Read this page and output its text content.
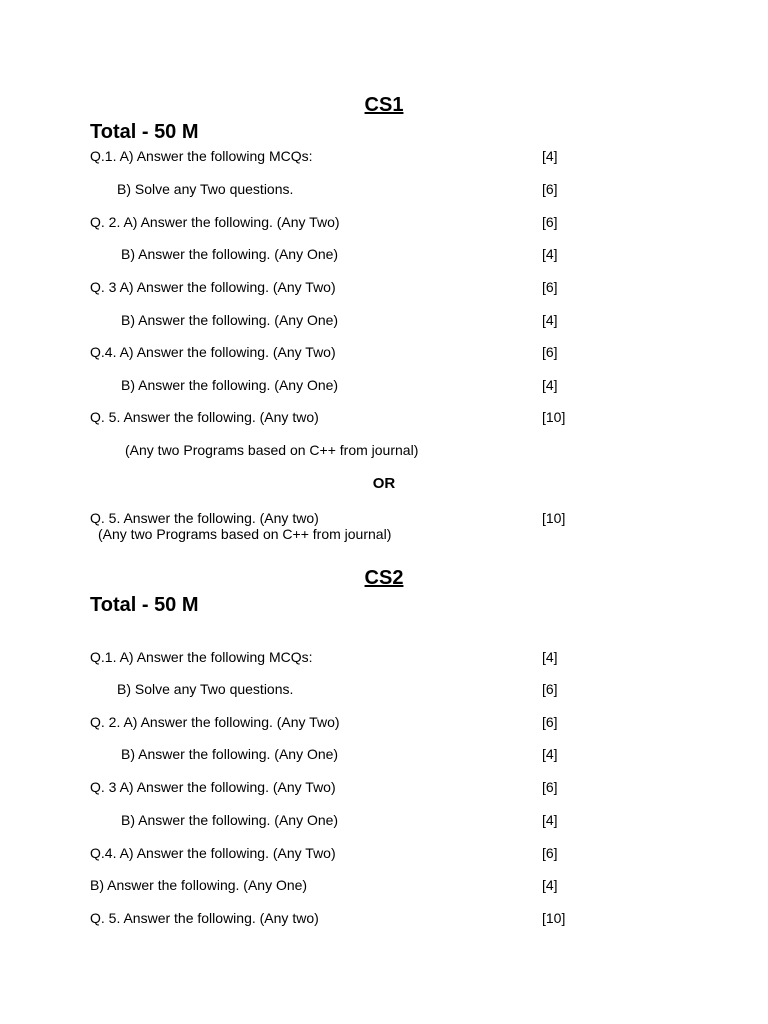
CS1
Total - 50 M
Q.1. A) Answer the following MCQs:	[4]
B) Solve any Two questions.	[6]
Q. 2. A) Answer the following. (Any Two)	[6]
B) Answer the following. (Any One)	[4]
Q. 3 A) Answer the following. (Any Two)	[6]
B) Answer the following. (Any One)	[4]
Q.4. A) Answer the following. (Any Two)	[6]
B) Answer the following. (Any One)	[4]
Q. 5. Answer the following. (Any two)	[10]
(Any two Programs based on C++ from journal)
OR
Q. 5. Answer the following. (Any two)	[10]
(Any two Programs based on C++ from journal)
CS2
Total - 50 M
Q.1. A) Answer the following MCQs:	[4]
B) Solve any Two questions.	[6]
Q. 2. A) Answer the following. (Any Two)	[6]
B) Answer the following. (Any One)	[4]
Q. 3 A) Answer the following. (Any Two)	[6]
B) Answer the following. (Any One)	[4]
Q.4. A) Answer the following. (Any Two)	[6]
B) Answer the following. (Any One)	[4]
Q. 5. Answer the following. (Any two)	[10]
